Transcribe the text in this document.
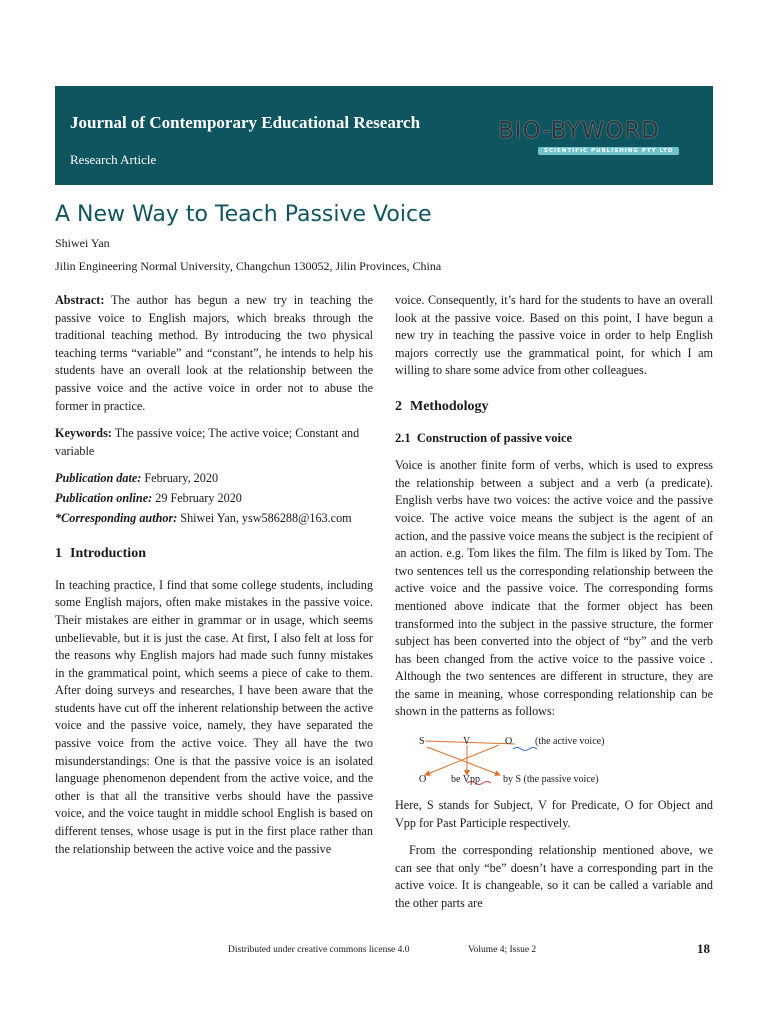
Journal of Contemporary Educational Research
Research Article
BIO-BYWORD
SCIENTIFIC PUBLISHING PTY LTD
A New Way to Teach Passive Voice
Shiwei Yan
Jilin Engineering Normal University, Changchun 130052, Jilin Provinces, China

Abstract: The author has begun a new try in teaching the passive voice to English majors, which breaks through the traditional teaching method. By introducing the two physical teaching terms “variable” and “constant”, he intends to help his students have an overall look at the relationship between the passive voice and the active voice in order not to abuse the former in practice.

Keywords: The passive voice; The active voice; Constant and variable

Publication date: February, 2020

Publication online: 29 February 2020

*Corresponding author: Shiwei Yan, ysw586288@163.com

1 Introduction

In teaching practice, I find that some college students, including some English majors, often make mistakes in the passive voice. Their mistakes are either in grammar or in usage, which seems unbelievable, but it is just the case. At first, I also felt at loss for the reasons why English majors had made such funny mistakes in the grammatical point, which seems a piece of cake to them. After doing surveys and researches, I have been aware that the students have cut off the inherent relationship between the active voice and the passive voice, namely, they have separated the passive voice from the active voice. They all have the two misunderstandings: One is that the passive voice is an isolated language phenomenon dependent from the active voice, and the other is that all the transitive verbs should have the passive voice, and the voice taught in middle school English is based on different tenses, whose usage is put in the first place rather than the relationship between the active voice and the passive

voice. Consequently, it’s hard for the students to have an overall look at the passive voice. Based on this point, I have begun a new try in teaching the passive voice in order to help English majors correctly use the grammatical point, for which I am willing to share some advice from other colleagues.

2 Methodology
2.1 Construction of passive voice

Voice is another finite form of verbs, which is used to express the relationship between a subject and a verb (a predicate). English verbs have two voices: the active voice and the passive voice. The active voice means the subject is the agent of an action, and the passive voice means the subject is the recipient of an action. e.g. Tom likes the film. The film is liked by Tom. The two sentences tell us the corresponding relationship between the active voice and the passive voice. The corresponding forms mentioned above indicate that the former object has been transformed into the subject in the passive structure, the former subject has been converted into the object of “by” and the verb has been changed from the active voice to the passive voice . Although the two sentences are different in structure, they are the same in meaning, whose corresponding relationship can be shown in the patterns as follows:

S	V	O (the active voice)
O be Vpp by S (the passive voice)

Here, S stands for Subject, V for Predicate, O for Object and Vpp for Past Participle respectively.

From the corresponding relationship mentioned above, we can see that only “be” doesn’t have a corresponding part in the active voice. It is changeable, so it can be called a variable and the other parts are

Distributed under creative commons license 4.0	Volume 4; Issue 2	18
